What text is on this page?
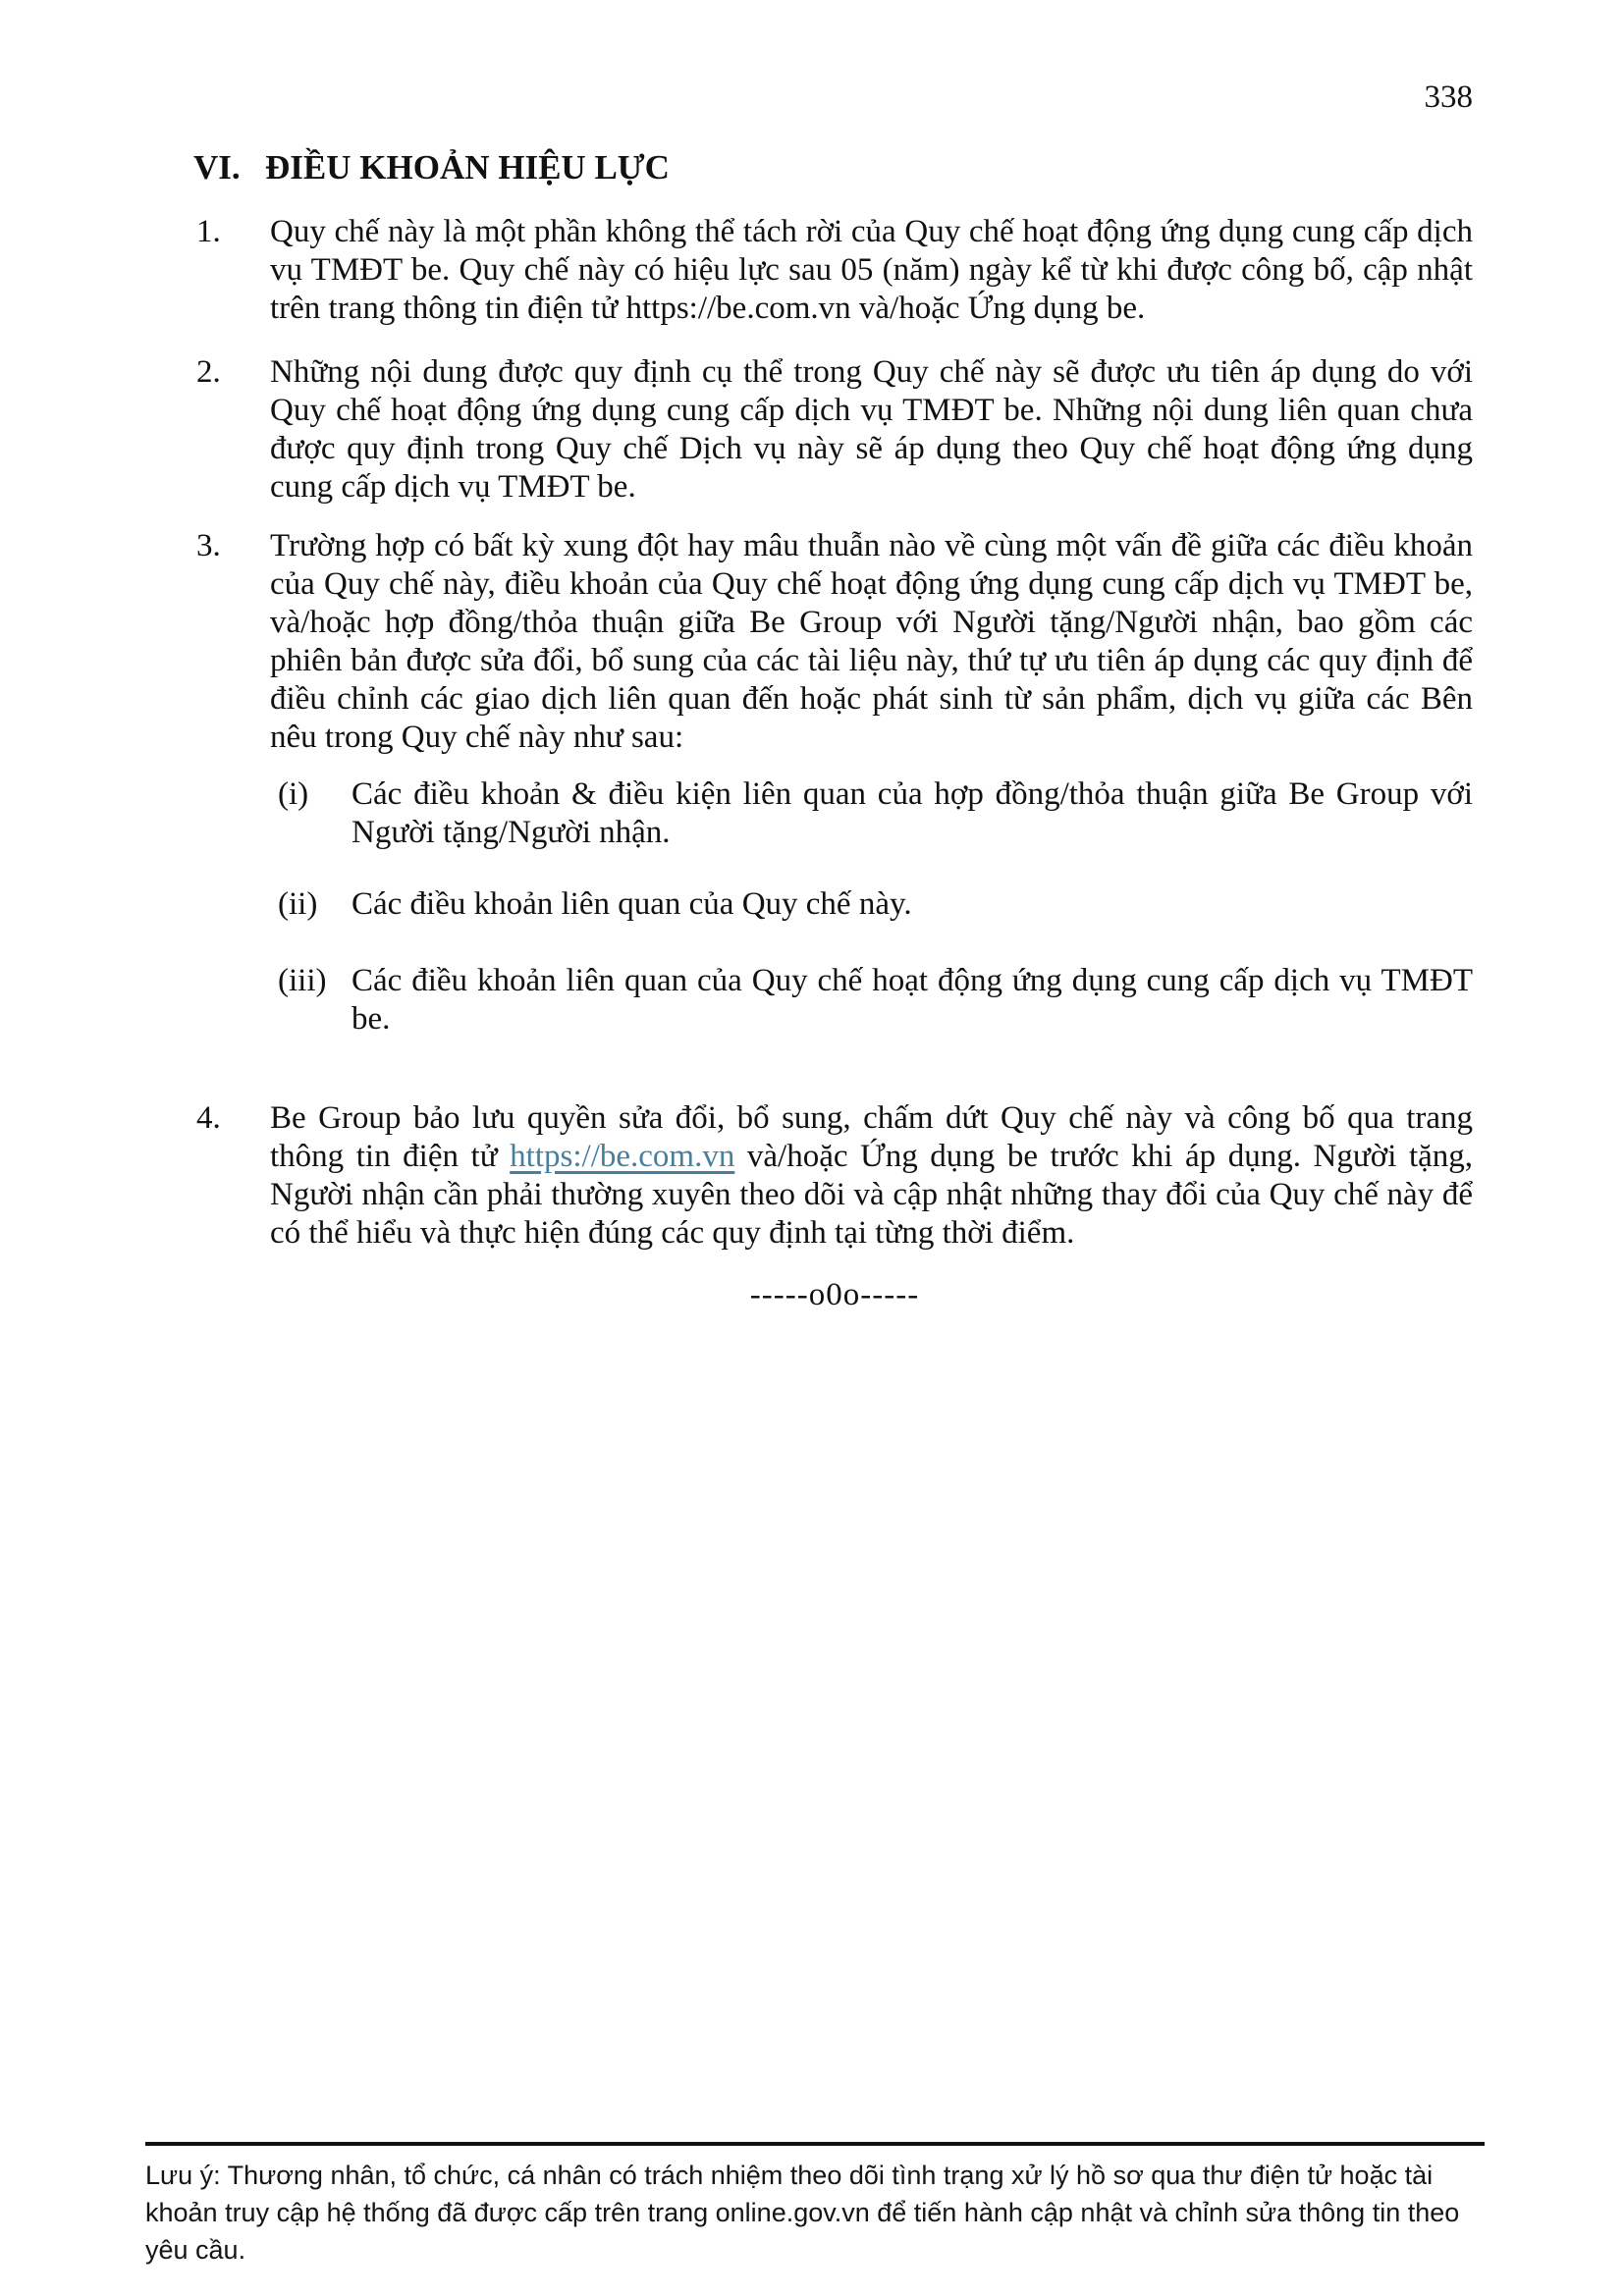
338
VI. ĐIỀU KHOẢN HIỆU LỰC
1. Quy chế này là một phần không thể tách rời của Quy chế hoạt động ứng dụng cung cấp dịch vụ TMĐT be. Quy chế này có hiệu lực sau 05 (năm) ngày kể từ khi được công bố, cập nhật trên trang thông tin điện tử https://be.com.vn và/hoặc Ứng dụng be.
2. Những nội dung được quy định cụ thể trong Quy chế này sẽ được ưu tiên áp dụng do với Quy chế hoạt động ứng dụng cung cấp dịch vụ TMĐT be. Những nội dung liên quan chưa được quy định trong Quy chế Dịch vụ này sẽ áp dụng theo Quy chế hoạt động ứng dụng cung cấp dịch vụ TMĐT be.
3. Trường hợp có bất kỳ xung đột hay mâu thuẫn nào về cùng một vấn đề giữa các điều khoản của Quy chế này, điều khoản của Quy chế hoạt động ứng dụng cung cấp dịch vụ TMĐT be, và/hoặc hợp đồng/thỏa thuận giữa Be Group với Người tặng/Người nhận, bao gồm các phiên bản được sửa đổi, bổ sung của các tài liệu này, thứ tự ưu tiên áp dụng các quy định để điều chỉnh các giao dịch liên quan đến hoặc phát sinh từ sản phẩm, dịch vụ giữa các Bên nêu trong Quy chế này như sau:
(i) Các điều khoản & điều kiện liên quan của hợp đồng/thỏa thuận giữa Be Group với Người tặng/Người nhận.
(ii) Các điều khoản liên quan của Quy chế này.
(iii) Các điều khoản liên quan của Quy chế hoạt động ứng dụng cung cấp dịch vụ TMĐT be.
4. Be Group bảo lưu quyền sửa đổi, bổ sung, chấm dứt Quy chế này và công bố qua trang thông tin điện tử https://be.com.vn và/hoặc Ứng dụng be trước khi áp dụng. Người tặng, Người nhận cần phải thường xuyên theo dõi và cập nhật những thay đổi của Quy chế này để có thể hiểu và thực hiện đúng các quy định tại từng thời điểm.
-----o0o-----
Lưu ý: Thương nhân, tổ chức, cá nhân có trách nhiệm theo dõi tình trạng xử lý hồ sơ qua thư điện tử hoặc tài khoản truy cập hệ thống đã được cấp trên trang online.gov.vn để tiến hành cập nhật và chỉnh sửa thông tin theo yêu cầu.
